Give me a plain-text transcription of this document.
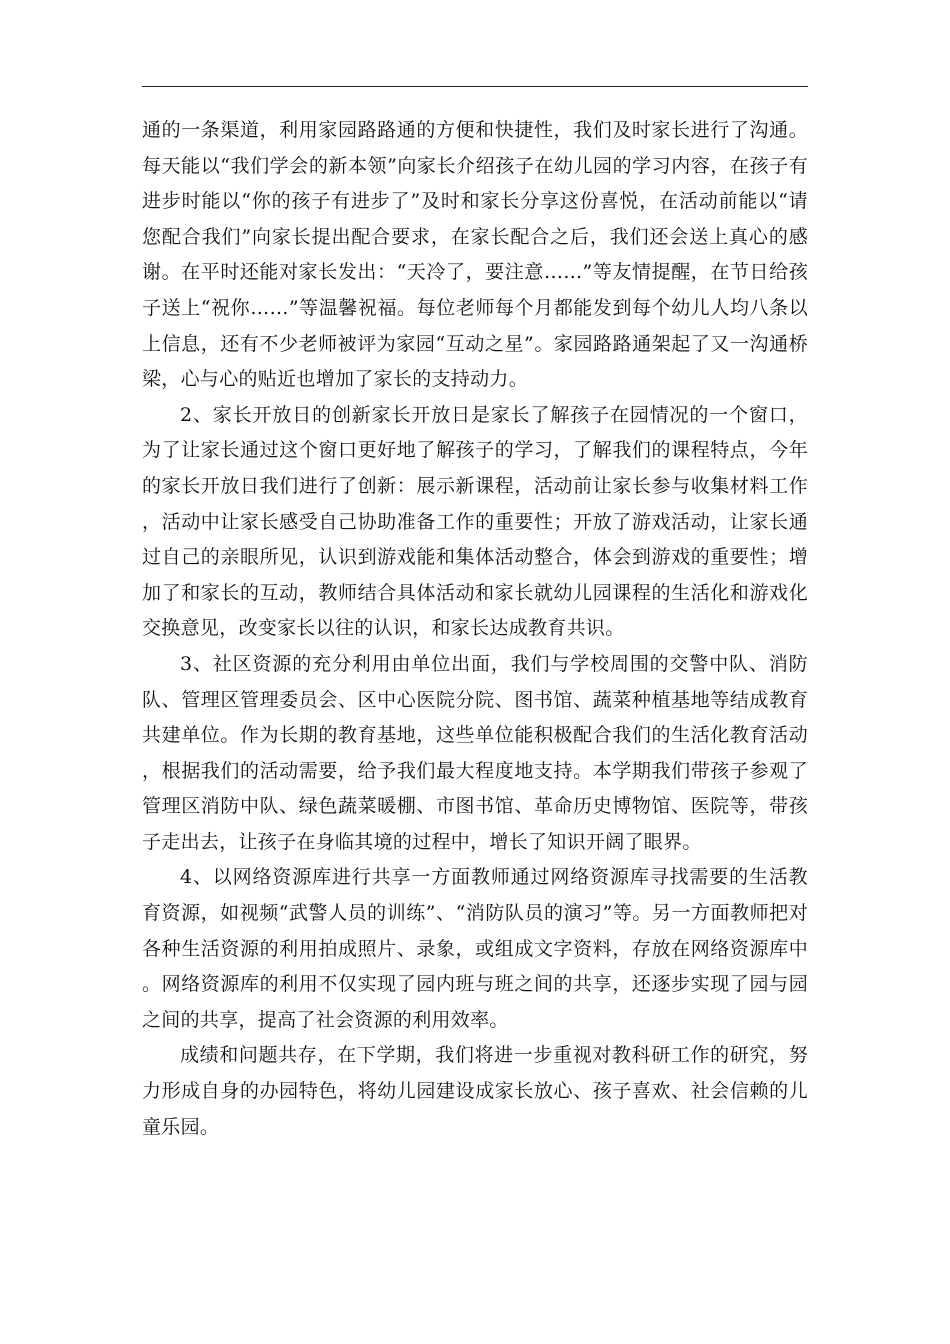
通的一条渠道，利用家园路路通的方便和快捷性，我们及时家长进行了沟通。每天能以“我们学会的新本领”向家长介绍孩子在幼儿园的学习内容，在孩子有进步时能以“你的孩子有进步了”及时和家长分享这份喜悦，在活动前能以“请您配合我们”向家长提出配合要求，在家长配合之后，我们还会送上真心的感谢。在平时还能对家长发出：“天冷了，要注意……”等友情提醒，在节日给孩子送上“祝你……”等温馨祝福。每位老师每个月都能发到每个幼儿人均八条以上信息，还有不少老师被评为家园“互动之星”。家园路路通架起了又一沟通桥梁，心与心的贴近也增加了家长的支持动力。

2、家长开放日的创新家长开放日是家长了解孩子在园情况的一个窗口，为了让家长通过这个窗口更好地了解孩子的学习，了解我们的课程特点，今年的家长开放日我们进行了创新：展示新课程，活动前让家长参与收集材料工作，活动中让家长感受自己协助准备工作的重要性；开放了游戏活动，让家长通过自己的亲眼所见，认识到游戏能和集体活动整合，体会到游戏的重要性；增加了和家长的互动，教师结合具体活动和家长就幼儿园课程的生活化和游戏化交换意见，改变家长以往的认识，和家长达成教育共识。

3、社区资源的充分利用由单位出面，我们与学校周围的交警中队、消防队、管理区管理委员会、区中心医院分院、图书馆、蔬菜种植基地等结成教育共建单位。作为长期的教育基地，这些单位能积极配合我们的生活化教育活动，根据我们的活动需要，给予我们最大程度地支持。本学期我们带孩子参观了管理区消防中队、绿色蔬菜暖棚、市图书馆、革命历史博物馆、医院等，带孩子走出去，让孩子在身临其境的过程中，增长了知识开阔了眼界。

4、以网络资源库进行共享一方面教师通过网络资源库寻找需要的生活教育资源，如视频“武警人员的训练”、“消防队员的演习”等。另一方面教师把对各种生活资源的利用拍成照片、录象，或组成文字资料，存放在网络资源库中。网络资源库的利用不仅实现了园内班与班之间的共享，还逐步实现了园与园之间的共享，提高了社会资源的利用效率。

成绩和问题共存，在下学期，我们将进一步重视对教科研工作的研究，努力形成自身的办园特色，将幼儿园建设成家长放心、孩子喜欢、社会信赖的儿童乐园。
